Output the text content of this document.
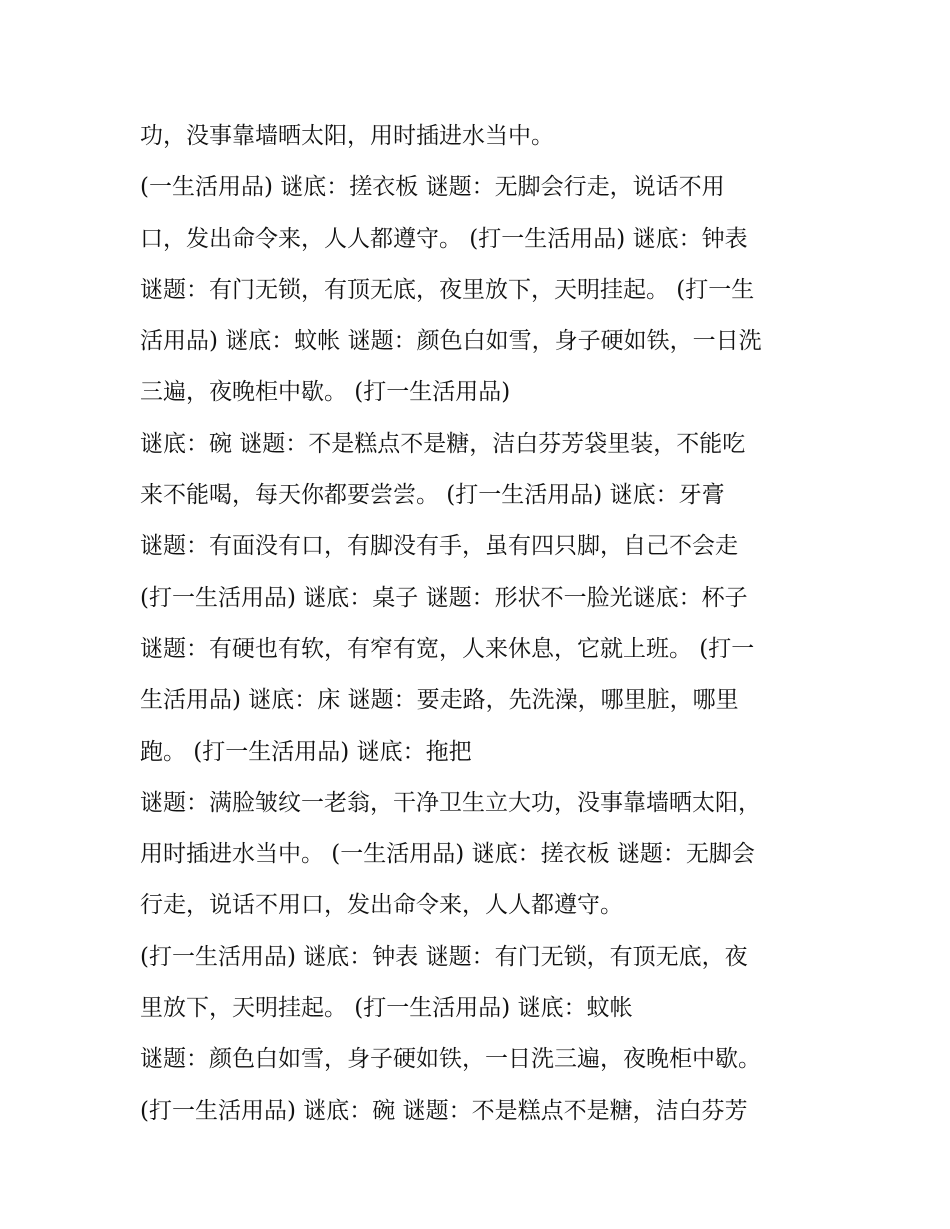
功，没事靠墙晒太阳，用时插进水当中。
(一生活用品) 谜底：搓衣板 谜题：无脚会行走，说话不用
口，发出命令来，人人都遵守。 (打一生活用品) 谜底：钟表
谜题：有门无锁，有顶无底，夜里放下，天明挂起。 (打一生
活用品) 谜底：蚊帐 谜题：颜色白如雪，身子硬如铁，一日洗
三遍，夜晚柜中歇。 (打一生活用品)
谜底：碗 谜题：不是糕点不是糖，洁白芬芳袋里装，不能吃
来不能喝，每天你都要尝尝。 (打一生活用品) 谜底：牙膏
谜题：有面没有口，有脚没有手，虽有四只脚，自己不会走
(打一生活用品) 谜底：桌子 谜题：形状不一脸光谜底：杯子
谜题：有硬也有软，有窄有宽，人来休息，它就上班。 (打一
生活用品) 谜底：床 谜题：要走路，先洗澡，哪里脏，哪里
跑。 (打一生活用品) 谜底：拖把
谜题：满脸皱纹一老翁，干净卫生立大功，没事靠墙晒太阳，
用时插进水当中。 (一生活用品) 谜底：搓衣板 谜题：无脚会
行走，说话不用口，发出命令来，人人都遵守。
(打一生活用品) 谜底：钟表 谜题：有门无锁，有顶无底，夜
里放下，天明挂起。 (打一生活用品) 谜底：蚊帐
谜题：颜色白如雪，身子硬如铁，一日洗三遍，夜晚柜中歇。
(打一生活用品) 谜底：碗 谜题：不是糕点不是糖，洁白芬芳
